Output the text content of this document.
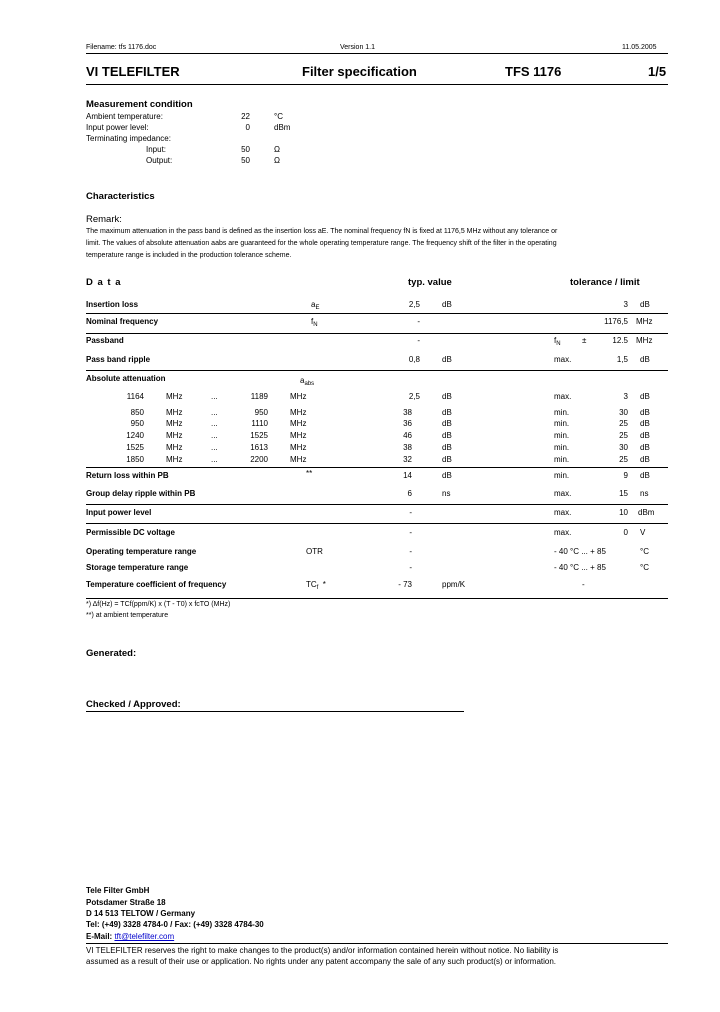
Filename: tfs 1176.doc	Version 1.1	11.05.2005
VI TELEFILTER	Filter specification	TFS 1176	1/5
Measurement condition
Ambient temperature:	22	°C
Input power level:	0	dBm
Terminating impedance:
Input:	50	Ω
Output:	50	Ω
Characteristics
Remark:
The maximum attenuation in the pass band is defined as the insertion loss aE. The nominal frequency fN is fixed at 1176,5 MHz without any tolerance or
limit. The values of absolute attenuation aabs are guaranteed for the whole operating temperature range. The frequency shift of the filter in the operating
temperature range is included in the production tolerance scheme.
D a t a	typ. value	tolerance / limit
Insertion loss	$a_E$	2,5	dB	3 dB
Nominal frequency	$f_N$	-	1176,5 MHz
Passband	-	$f_N$	±	12.5 MHz
Pass band ripple	0,8	dB	max.	1,5 dB
Absolute attenuation	$a_{abs}$
1164	MHz	...	1189	MHz	2,5	dB	max.	3 dB
850	MHz	...	950	MHz	38	dB	min.	30 dB
950	MHz	...	1110	MHz	36	dB	min.	25 dB
1240	MHz	...	1525	MHz	46	dB	min.	25 dB
1525	MHz	...	1613	MHz	38	dB	min.	30 dB
1850	MHz	...	2200	MHz	32	dB	min.	25 dB
Return loss within PB	**	14	dB	min.	9 dB
Group delay ripple within PB	6	ns	max.	15 ns
Input power level	-	max.	10 dBm
Permissible DC voltage	-	max.	0 V
Operating temperature range	OTR	-	- 40 °C ... + 85	°C
Storage temperature range	-	- 40 °C ... + 85	°C
Temperature coefficient of frequency	$TC_f$  *	- 73	ppm/K	-
*) Δf(Hz) = TCf(ppm/K) x (T - T0) x fcTO (MHz)
**) at ambient temperature
Generated:
Checked / Approved:
Tele Filter GmbH
Potsdamer Straße 18
D 14 513 TELTOW / Germany
Tel: (+49) 3328 4784-0 / Fax: (+49) 3328 4784-30
E-Mail: tft@telefilter.com
VI TELEFILTER reserves the right to make changes to the product(s) and/or information contained herein without notice. No liability is
assumed as a result of their use or application. No rights under any patent accompany the sale of any such product(s) or information.
